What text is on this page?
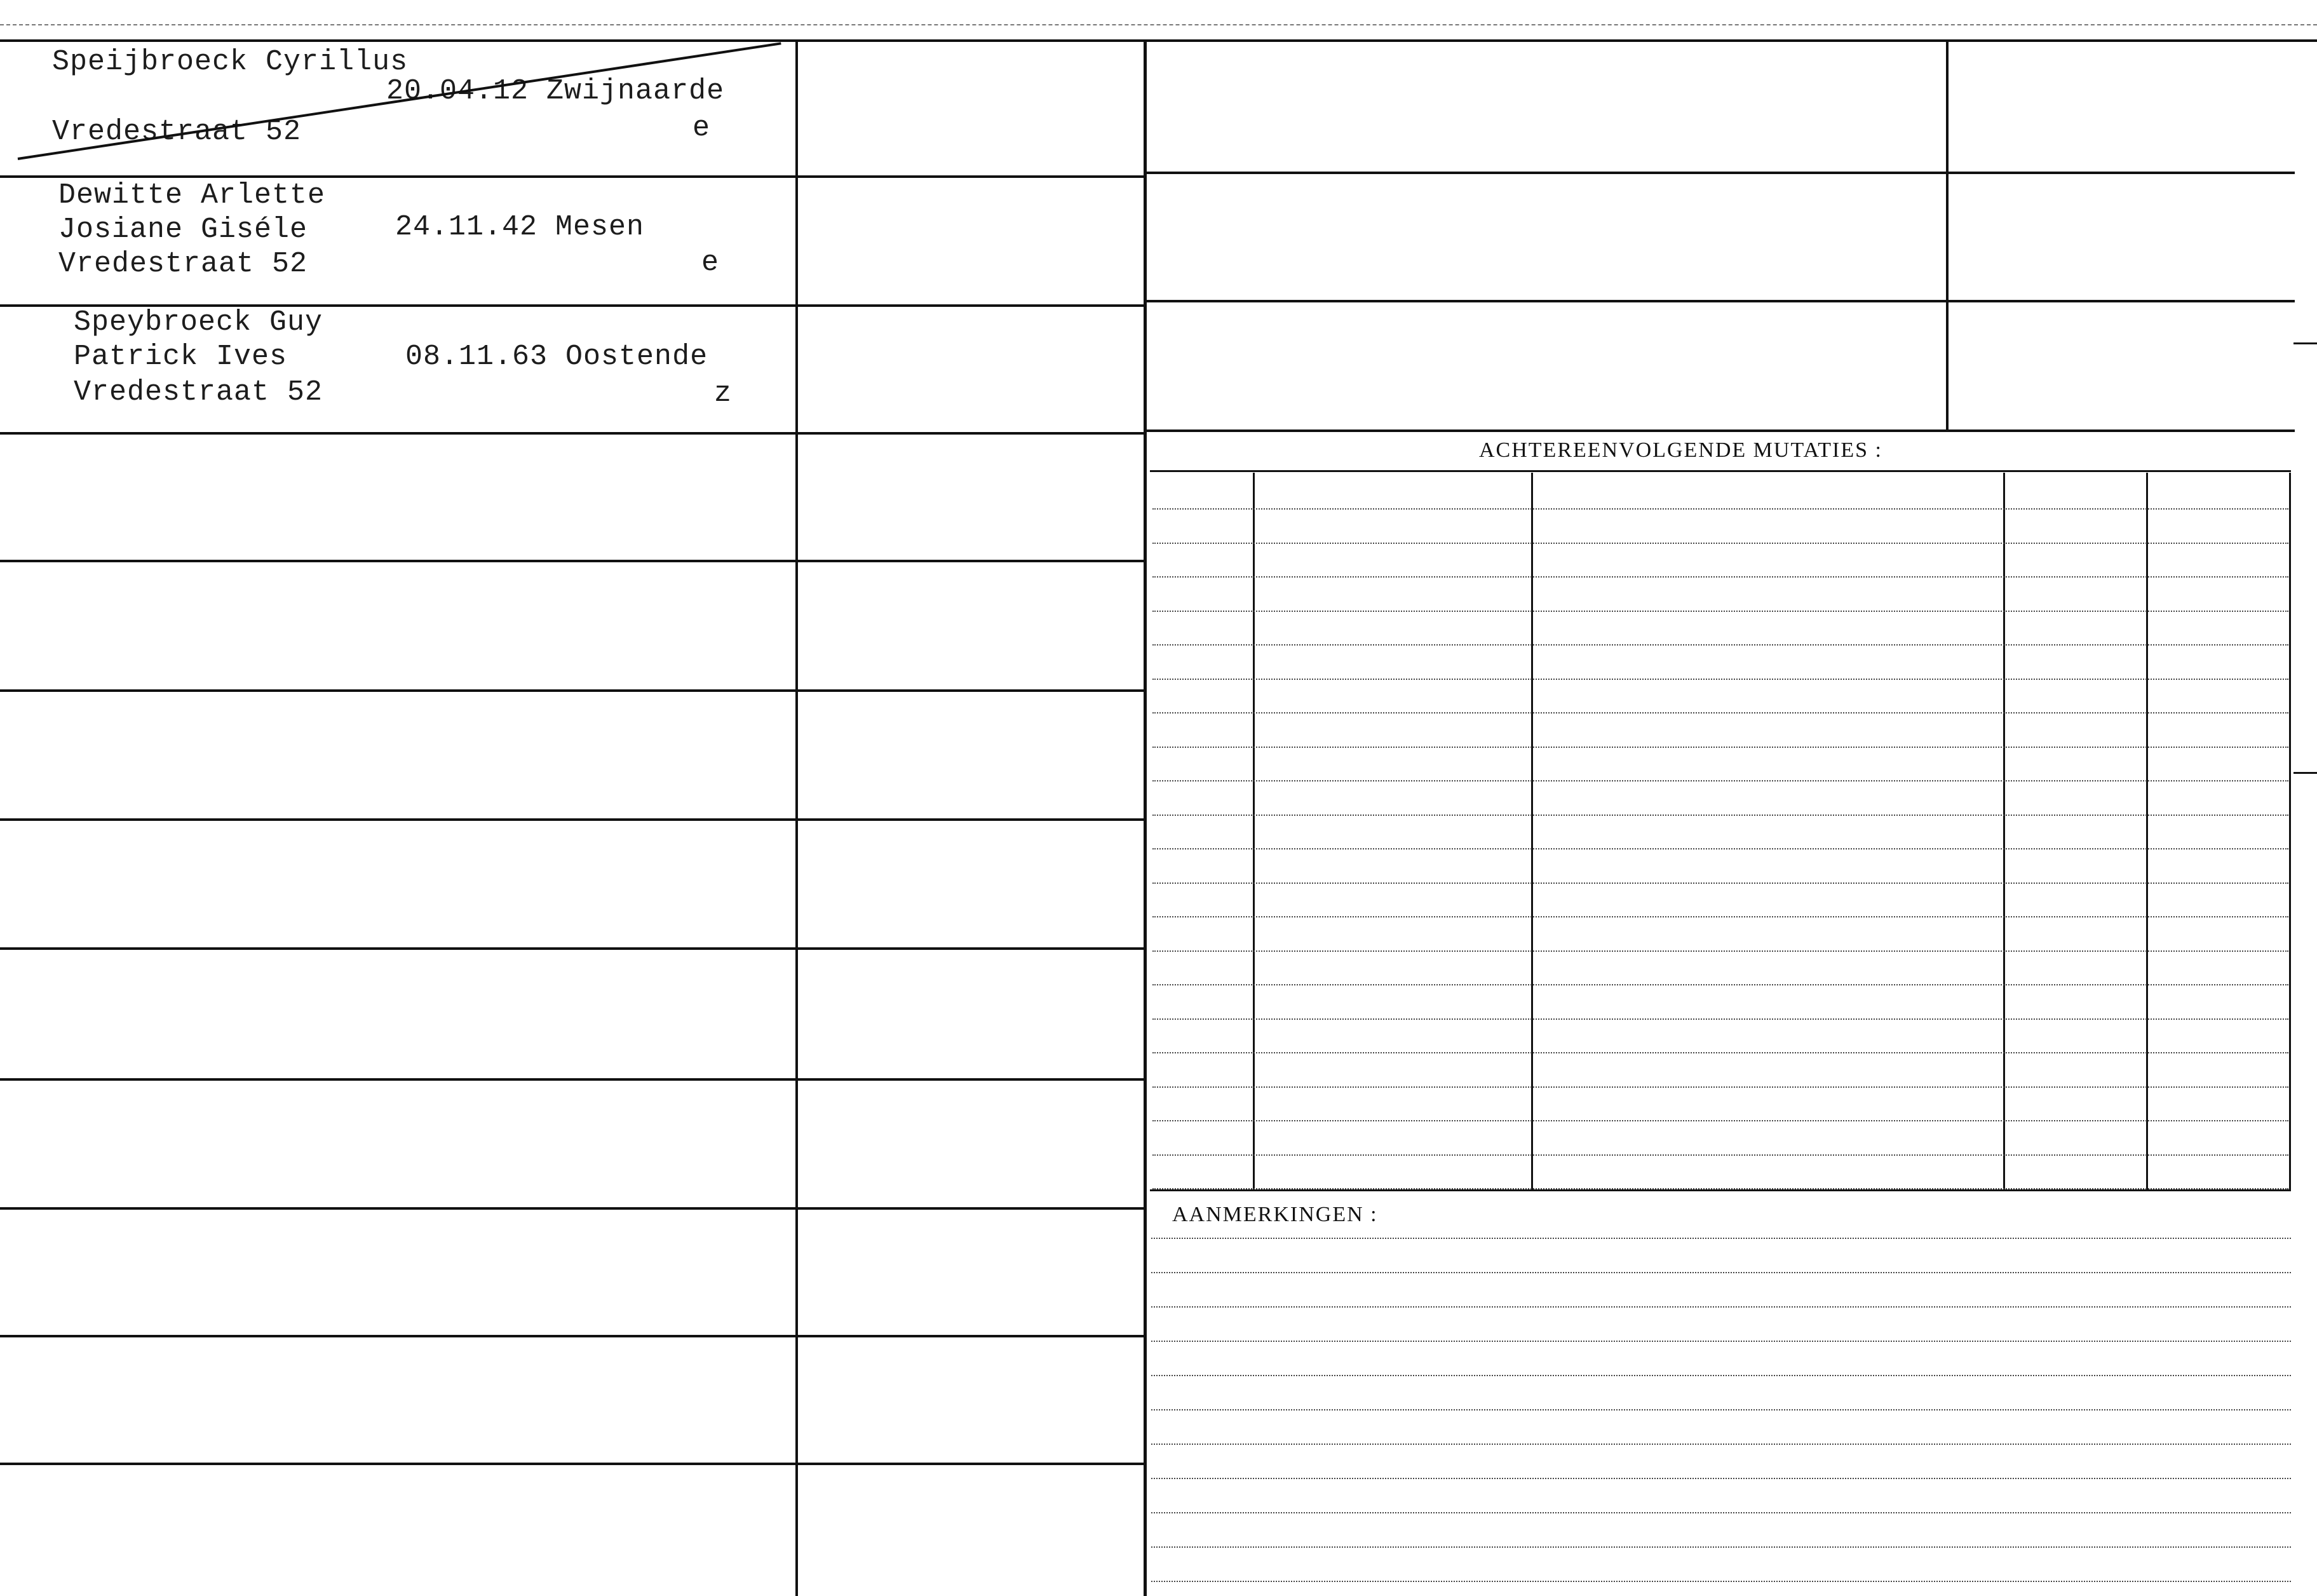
Speijbroeck Cyrillus
20.04.12 Zwijnaarde
Vredestraat 52	e
Dewitte Arlette
Josiane Giséle	24.11.42 Mesen
Vredestraat 52	e
Speybroeck Guy
Patrick Ives	08.11.63 Oostende
Vredestraat 52	z
ACHTEREENVOLGENDE MUTATIES :
AANMERKINGEN :
